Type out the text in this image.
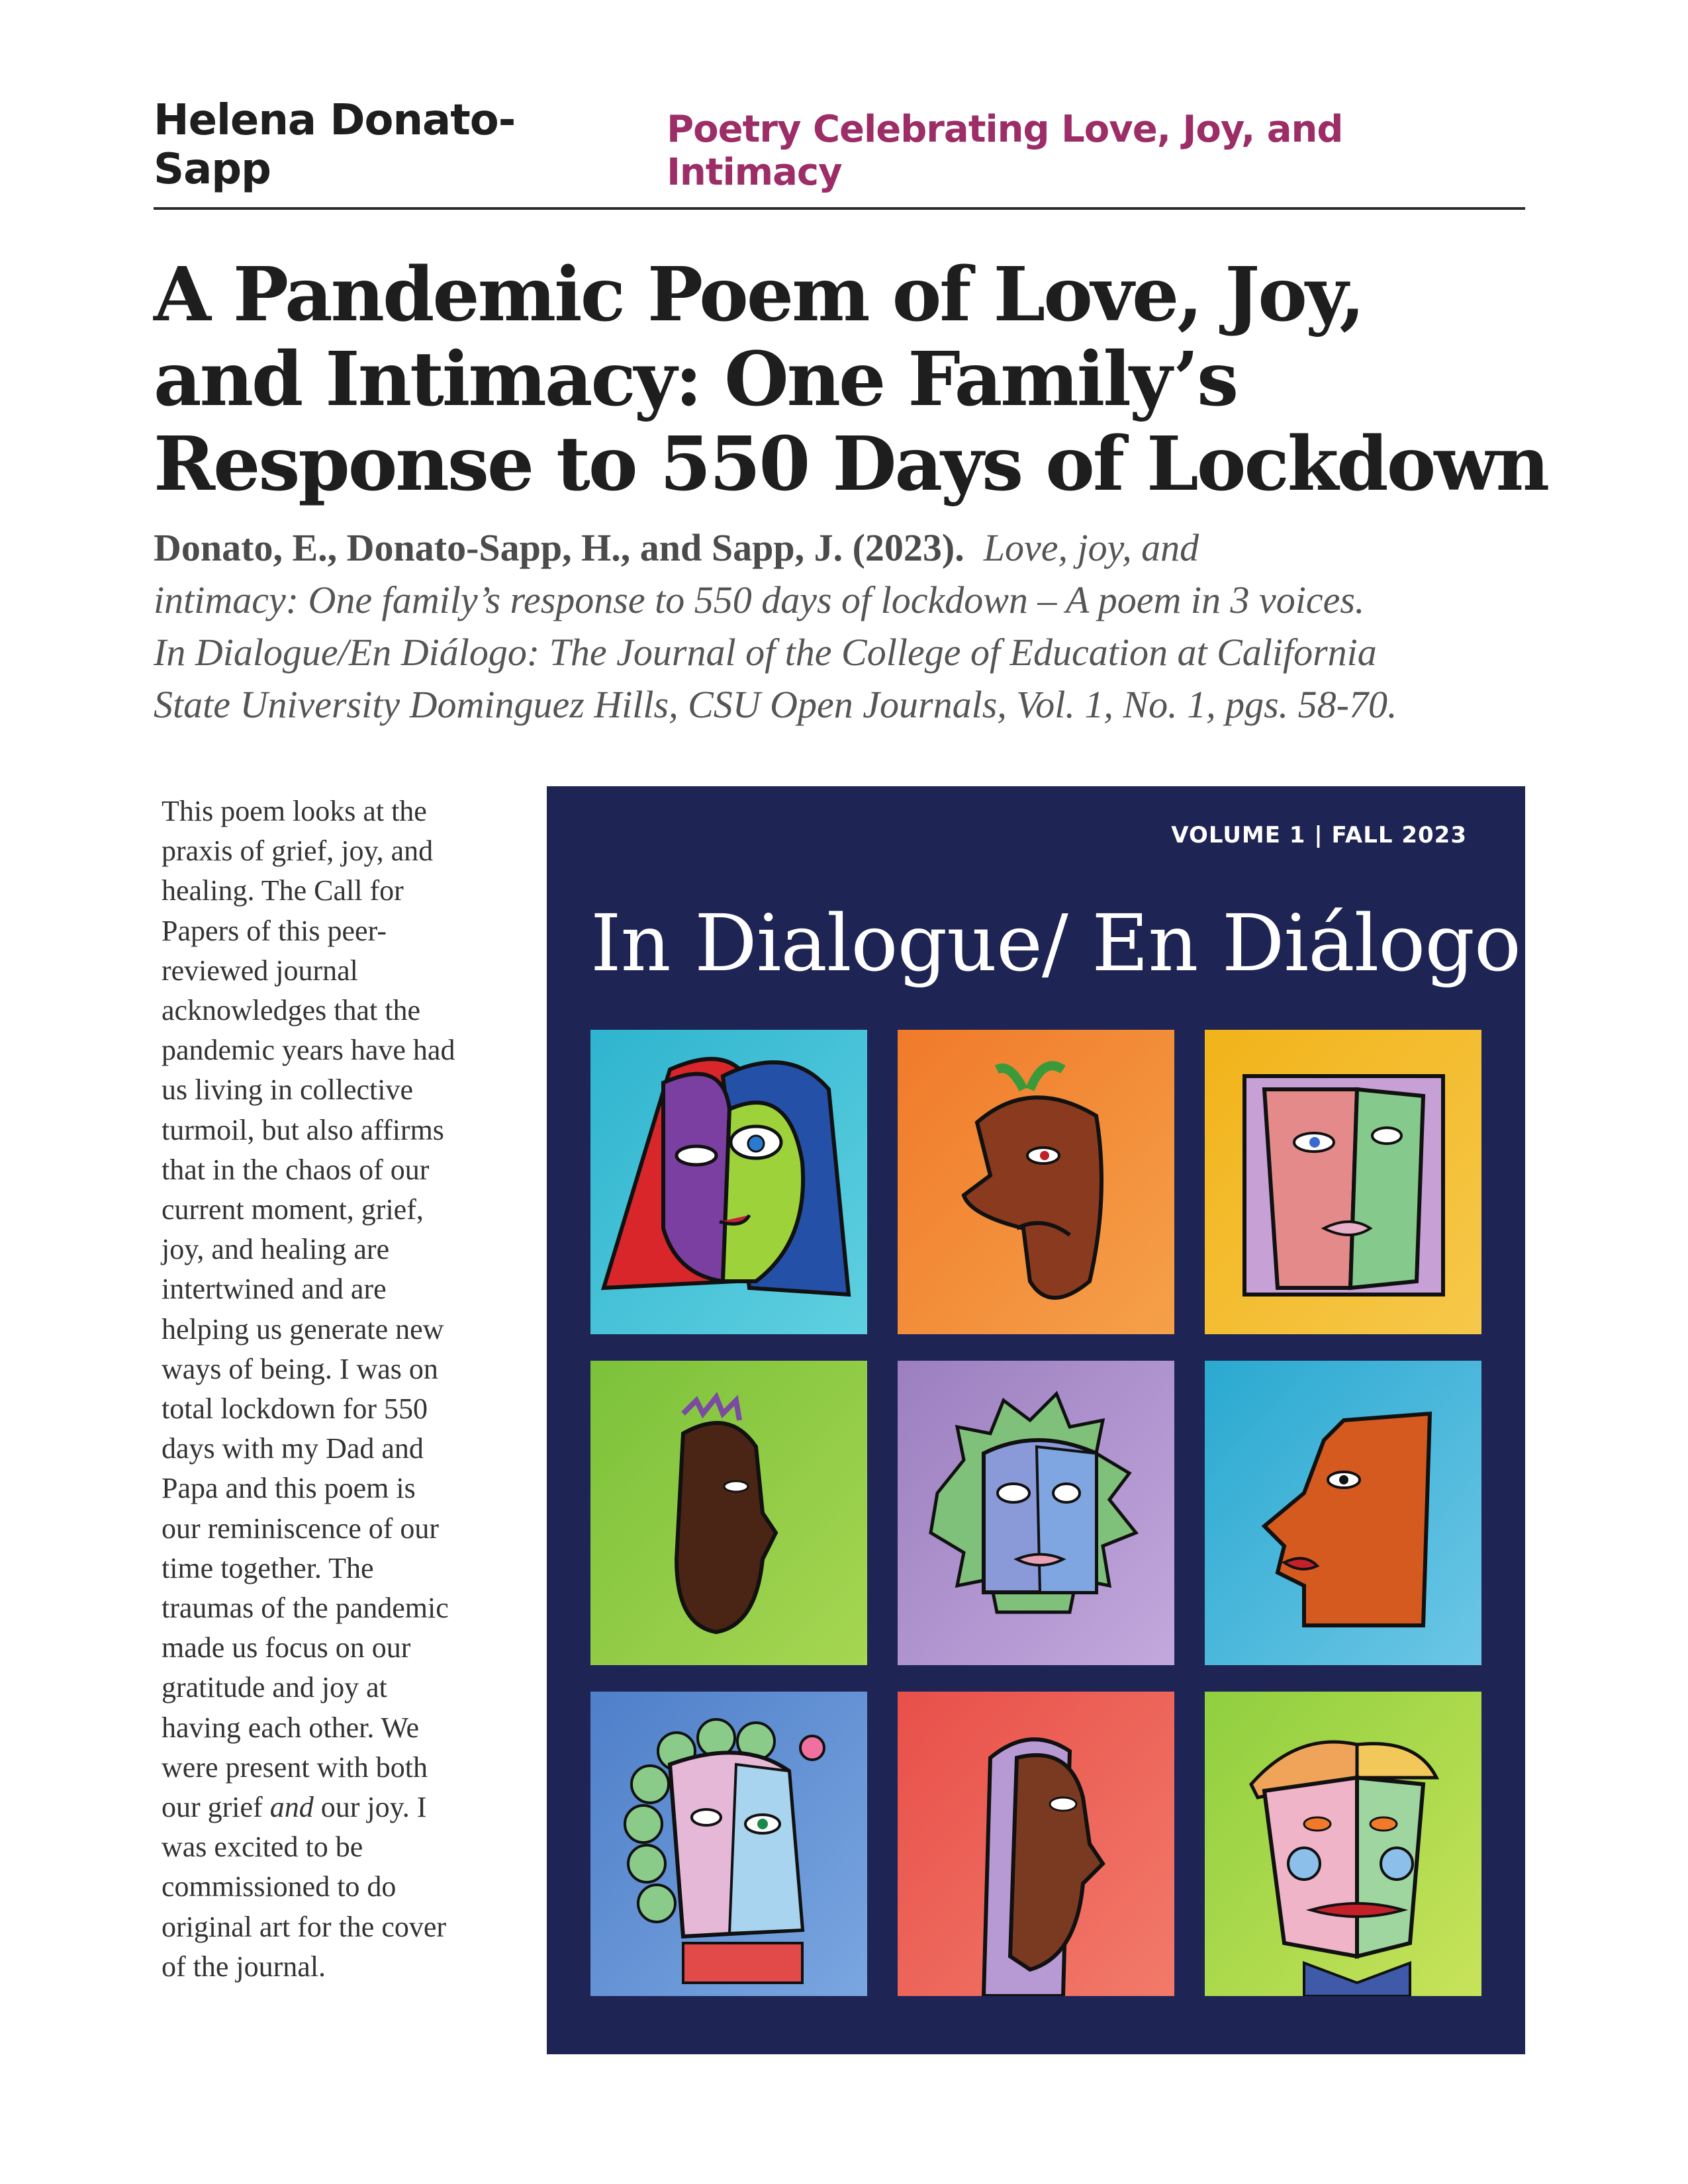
Helena Donato-Sapp
Poetry Celebrating Love, Joy, and Intimacy
A Pandemic Poem of Love, Joy,
and Intimacy: One Family’s
Response to 550 Days of Lockdown
Donato, E., Donato-Sapp, H., and Sapp, J. (2023). Love, joy, and
intimacy: One family’s response to 550 days of lockdown – A poem in 3 voices.
In Dialogue/En Diálogo: The Journal of the College of Education at California
State University Dominguez Hills, CSU Open Journals, Vol. 1, No. 1, pgs. 58-70.
This poem looks at the
praxis of grief, joy, and
healing. The Call for
Papers of this peer-
reviewed journal
acknowledges that the
pandemic years have had
us living in collective
turmoil, but also affirms
that in the chaos of our
current moment, grief,
joy, and healing are
intertwined and are
helping us generate new
ways of being. I was on
total lockdown for 550
days with my Dad and
Papa and this poem is
our reminiscence of our
time together. The
traumas of the pandemic
made us focus on our
gratitude and joy at
having each other. We
were present with both
our grief and our joy. I
was excited to be
commissioned to do
original art for the cover
of the journal.
VOLUME 1 | FALL 2023
In Dialogue/ En Diálogo
